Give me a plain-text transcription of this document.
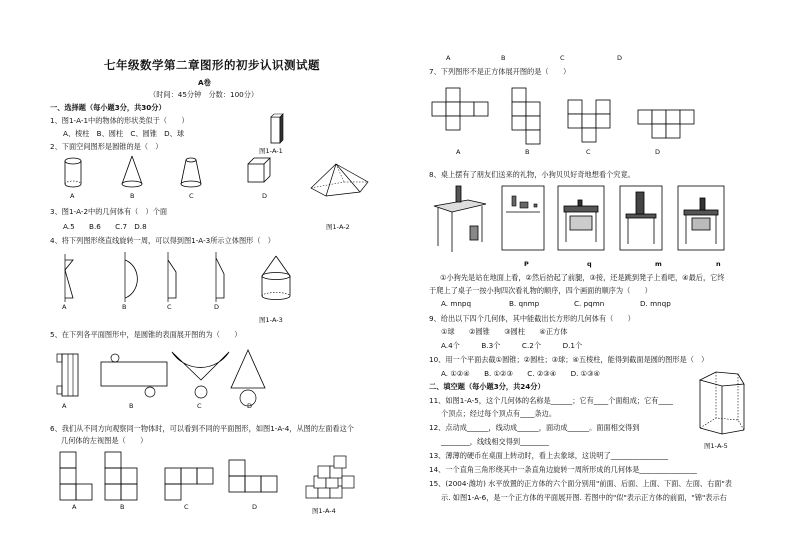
七年级数学第二章图形的初步认识测试题
A卷
（时间：45分钟　分数：100分）
一、选择题（每小题3分，共30分）
1、图1-A-1中的物体的形状类似于（　　）
A、棱柱　B、圆柱　C、圆锥　D、球
图1-A-1
2、下面空间图形是圆锥的是（　）
A	B	C	D
3、图1-A-2中的几何体有（　）个面
A.5　　B.6　　C.7　D.8	图1-A-2
4、将下列图形绕直线旋转一周，可以得到图1-A-3所示立体图形（　）
A	B	C	D
图1-A-3
5、在下列各平面图形中，是圆锥的表面展开图的为（　　）
A	B	C	D
6、我们从不同方向观察同一物体时，可以看到不同的平面图形，如图1-A-4，从图的左面看这个
几何体的左视图是（　　）
A	B	C	D	图1-A-4
A	B	C	D
7、下列图形不是正方体展开图的是（　　）
A	B	C	D
8、桌上摆有了朋友们送来的礼物，小狗贝贝好奇地想看个究竟。
P	q	m	n
①小狗先是站在地面上看，②然后抬起了前腿，③接，还是跳到凳子上看吧，④最后，它终
于爬上了桌子一按小狗四次看礼物的顺序，四个画面的顺序为（　　）
A. mnpq	B. qnmp	C. pqmn	D. mnqp
9、给出以下四个几何体，其中能截出长方形的几何体有（　　）
①球　　②圆锥　　③圆柱　　④正方体
A.4个　　　B.3个　　　C.2个　　　D.1个
10、用一个平面去截①圆锥；②圆柱；③球；④五棱柱，能得到截面是圆的图形是（　）
A. ①②④　　B. ①②③　　C. ②③④　　D. ①③④
二、填空题（每小题3分，共24分）
11、如图1-A-5，这个几何体的名称是______；它有____个面组成；它有____
个顶点；经过每个顶点有____条边。
12、点动成______，线动成______，面动成______。面面相交得到
________，线线相交得到________
13、薄薄的硬币在桌面上转动时，看上去象球，这说明了________________
14、一个直角三角形绕其中一条直角边旋转一周所形成的几何体是________________
15、(2004·潍坊) 水平放置的正方体的六个面分别用"前面、后面、上面、下面、左面、右面"表
示. 如图1-A-6，是一个正方体的平面展开图. 若图中的"似"表示正方体的前面，"锦"表示右
图1-A-5
